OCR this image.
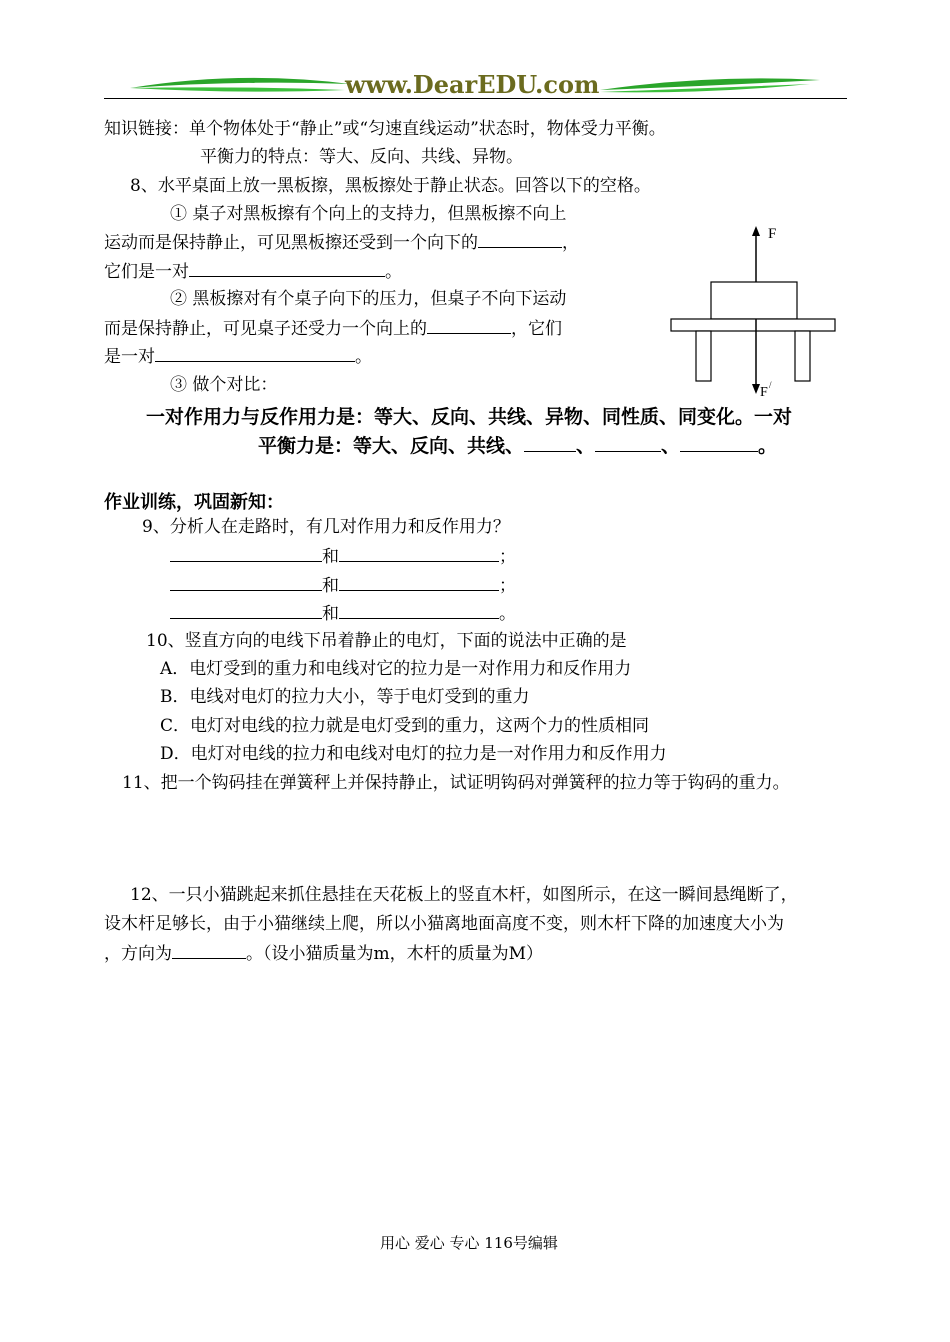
www.DearEDU.com
知识链接：单个物体处于“静止”或“匀速直线运动”状态时，物体受力平衡。
平衡力的特点：等大、反向、共线、异物。
8、水平桌面上放一黑板擦，黑板擦处于静止状态。回答以下的空格。
① 桌子对黑板擦有个向上的支持力，但黑板擦不向上
运动而是保持静止，可见黑板擦还受到一个向下的	，
它们是一对	。
② 黑板擦对有个桌子向下的压力，但桌子不向下运动
而是保持静止，可见桌子还受力一个向上的	，它们
是一对	。
③ 做个对比：
F
F /
一对作用力与反作用力是：等大、反向、共线、异物、同性质、同变化。一对
平衡力是：等大、反向、共线、	、	、	。
作业训练，巩固新知：
9、分析人在走路时，有几对作用力和反作用力？
和	；
和	；
和	。
10、竖直方向的电线下吊着静止的电灯，下面的说法中正确的是
A．电灯受到的重力和电线对它的拉力是一对作用力和反作用力
B．电线对电灯的拉力大小，等于电灯受到的重力
C．电灯对电线的拉力就是电灯受到的重力，这两个力的性质相同
D．电灯对电线的拉力和电线对电灯的拉力是一对作用力和反作用力
11、把一个钩码挂在弹簧秤上并保持静止，试证明钩码对弹簧秤的拉力等于钩码的重力。
12、一只小猫跳起来抓住悬挂在天花板上的竖直木杆，如图所示，在这一瞬间悬绳断了，
设木杆足够长，由于小猫继续上爬，所以小猫离地面高度不变，则木杆下降的加速度大小为
，方向为	。（设小猫质量为m，木杆的质量为M）
用心 爱心 专心 116号编辑
